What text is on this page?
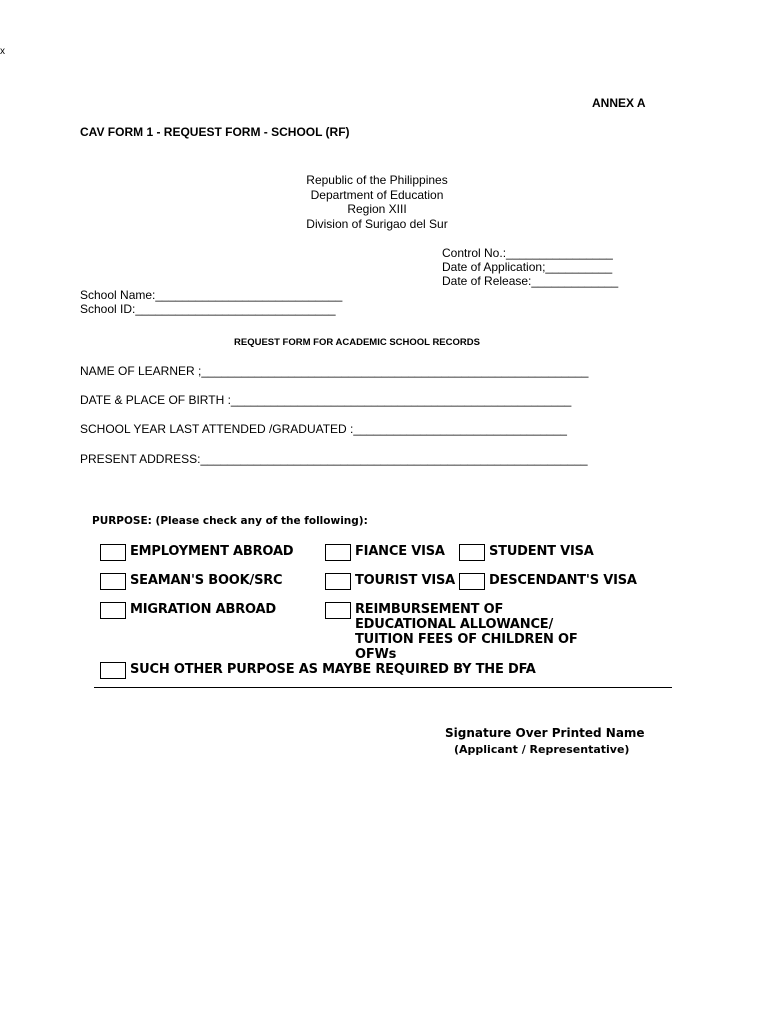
x
ANNEX A
CAV FORM 1 - REQUEST FORM - SCHOOL (RF)
Republic of the Philippines
Department of Education
Region XIII
Division of Surigao del Sur
Control No.:________________
Date of Application;__________
Date of Release:_____________
School Name:____________________________
School ID:______________________________
REQUEST FORM FOR ACADEMIC SCHOOL RECORDS
NAME OF LEARNER ;__________________________________________________________
DATE & PLACE OF BIRTH :___________________________________________________
SCHOOL YEAR LAST ATTENDED /GRADUATED :________________________________
PRESENT ADDRESS:__________________________________________________________
PURPOSE: (Please check any of the following):
EMPLOYMENT ABROAD	FIANCE VISA	STUDENT VISA
SEAMAN'S BOOK/SRC	TOURIST VISA	DESCENDANT'S VISA
MIGRATION ABROAD	REIMBURSEMENT OF EDUCATIONAL ALLOWANCE/ TUITION FEES OF CHILDREN OF OFWs
SUCH OTHER PURPOSE AS MAYBE REQUIRED BY THE DFA
Signature Over Printed Name
(Applicant / Representative)
